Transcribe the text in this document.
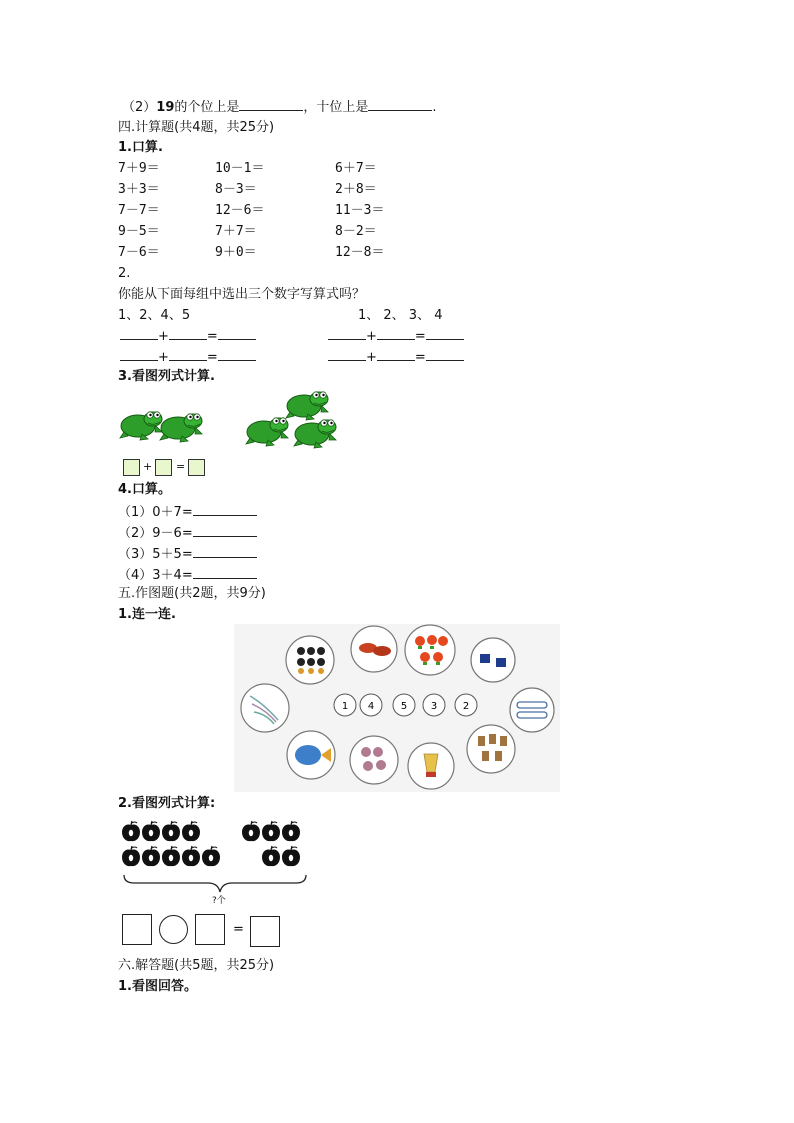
（2）19的个位上是	，十位上是	.
四.计算题(共4题，共25分)
1.口算.
7＋9＝	10－1＝	6＋7＝
3＋3＝	8－3＝	2＋8＝
7－7＝	12－6＝	11－3＝
9－5＝	7＋7＝	8－2＝
7－6＝	9＋0＝	12－8＝
2.
你能从下面每组中选出三个数字写算式吗？
1、2、4、5	1、 2、 3、 4
+	=	+	=
+	=	+	=
3.看图列式计算.
+ =
4.口算。
（1）0＋7=
（2）9－6=
（3）5＋5=
（4）3＋4=
五.作图题(共2题，共9分)
1.连一连.
1 4	5 3	2
2.看图列式计算:
?个
=
六.解答题(共5题，共25分)
1.看图回答。
